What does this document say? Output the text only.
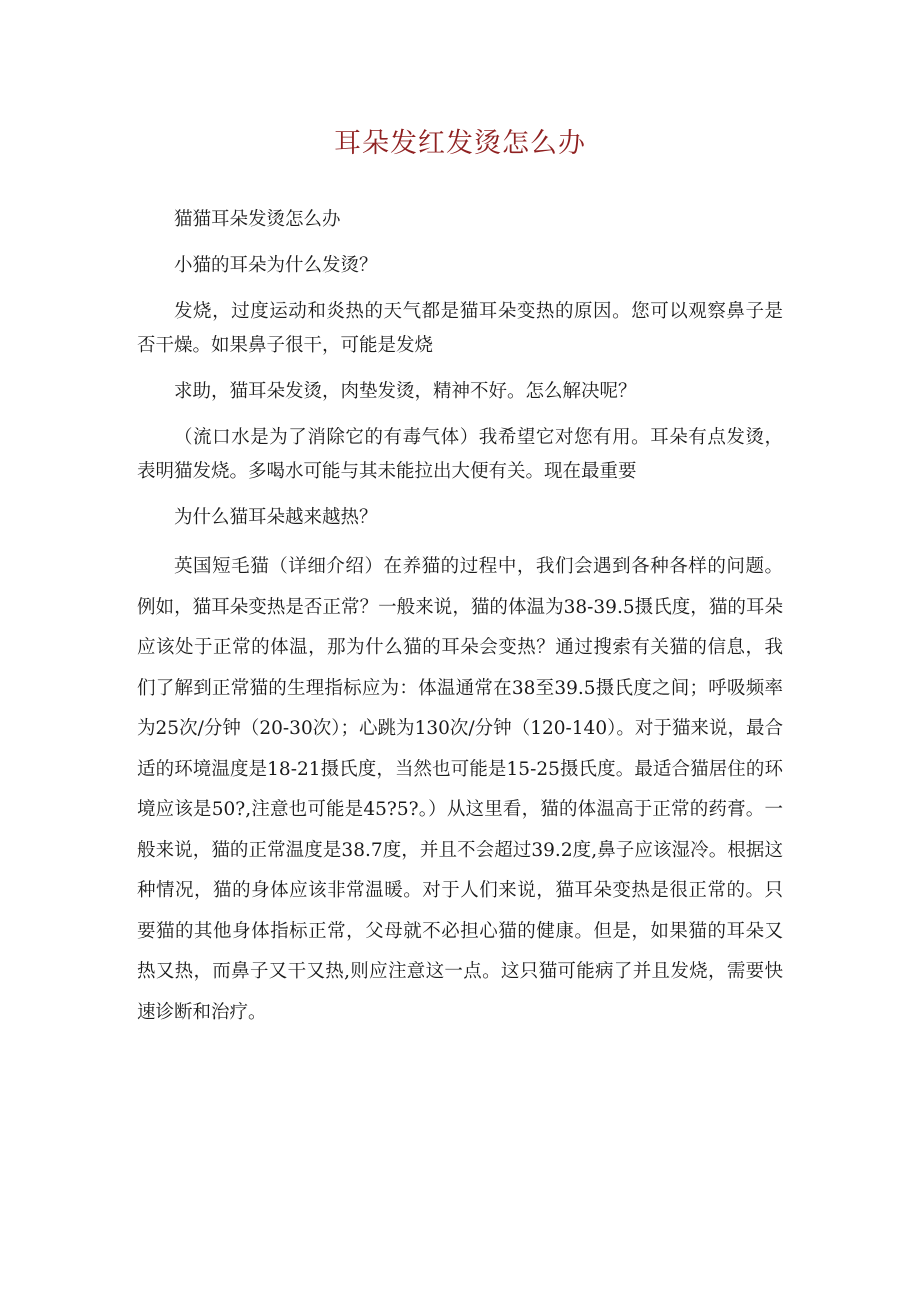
耳朵发红发烫怎么办

猫猫耳朵发烫怎么办

小猫的耳朵为什么发烫？

发烧，过度运动和炎热的天气都是猫耳朵变热的原因。您可以观察鼻子是否干燥。如果鼻子很干，可能是发烧

求助，猫耳朵发烫，肉垫发烫，精神不好。怎么解决呢？

（流口水是为了消除它的有毒气体）我希望它对您有用。耳朵有点发烫，表明猫发烧。多喝水可能与其未能拉出大便有关。现在最重要

为什么猫耳朵越来越热？

英国短毛猫（详细介绍）在养猫的过程中，我们会遇到各种各样的问题。例如，猫耳朵变热是否正常？一般来说，猫的体温为38-39.5摄氏度，猫的耳朵应该处于正常的体温，那为什么猫的耳朵会变热？通过搜索有关猫的信息，我们了解到正常猫的生理指标应为：体温通常在38至39.5摄氏度之间；呼吸频率为25次/分钟（20-30次）；心跳为130次/分钟（120-140）。对于猫来说，最合适的环境温度是18-21摄氏度，当然也可能是15-25摄氏度。最适合猫居住的环境应该是50?,注意也可能是45?5?。）从这里看，猫的体温高于正常的药膏。一般来说，猫的正常温度是38.7度，并且不会超过39.2度,鼻子应该湿冷。根据这种情况，猫的身体应该非常温暖。对于人们来说，猫耳朵变热是很正常的。只要猫的其他身体指标正常，父母就不必担心猫的健康。但是，如果猫的耳朵又热又热，而鼻子又干又热,则应注意这一点。这只猫可能病了并且发烧，需要快速诊断和治疗。
